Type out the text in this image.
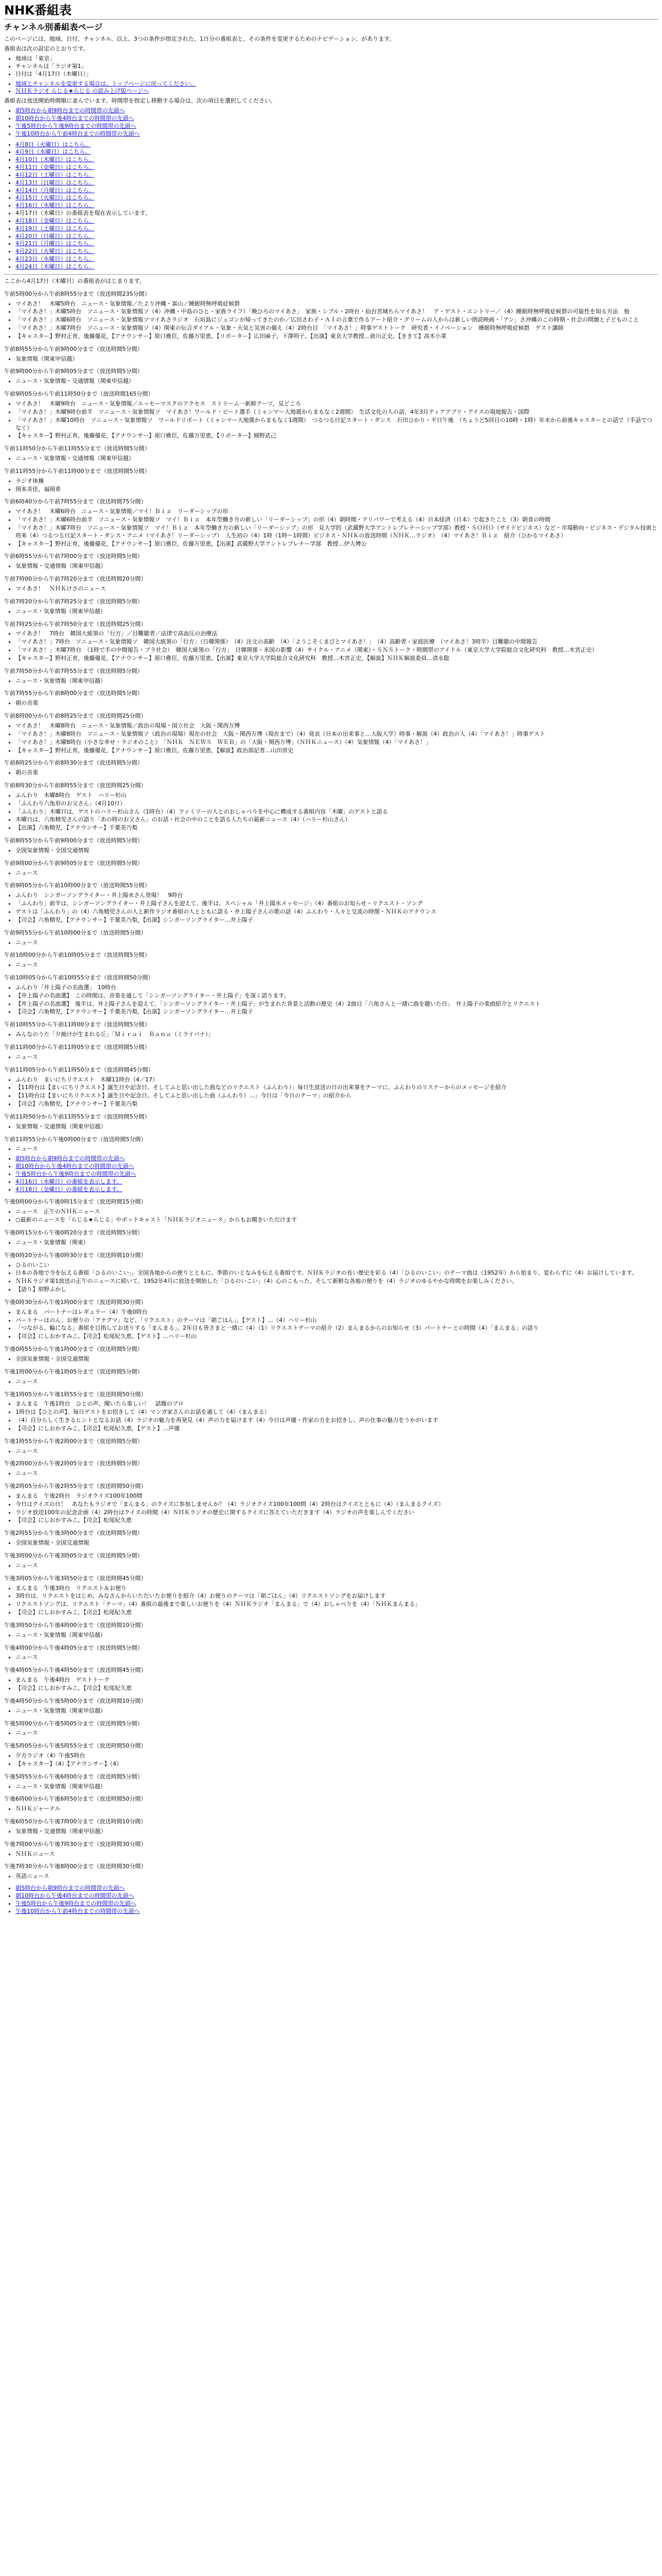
NHK番組表
チャンネル別番組表ページ

このページには、地域、日付、チャンネル、以上、3つの条件が指定された、1日分の番組表と、その条件を変更するためのナビゲーション、があります。

番組表は次の設定のとおりです。

• 地域は「東京」
• チャンネルは「ラジオ第1」
• 日付は「4月17日（木曜日）」
• 地域とチャンネルを変更する場合は、トップページに戻ってください。
• ＮＨＫラジオ らじる★らじる の読み上げ版ページへ

番組表は放送開始時間順に並んでいます。時間帯を指定し移動する場合は、次の項目を選択してください。

• 朝5時台から朝9時台までの時間帯の先頭へ
• 朝10時台から午後4時台までの時間帯の先頭へ
• 午後5時台から午後9時台までの時間帯の先頭へ
• 午後10時台から午前4時台までの時間帯の先頭へ
• 4月8日（火曜日）はこちら。
• 4月9日（水曜日）はこちら。
• 4月10日（木曜日）はこちら。
• 4月11日（金曜日）はこちら。
• 4月12日（土曜日）はこちら。
• 4月13日（日曜日）はこちら。
• 4月14日（月曜日）はこちら。
• 4月15日（火曜日）はこちら。
• 4月16日（水曜日）はこちら。
• 4月17日（木曜日）の番組表を現在表示しています。
• 4月18日（金曜日）はこちら。
• 4月19日（土曜日）はこちら。
• 4月20日（日曜日）はこちら。
• 4月21日（月曜日）はこちら。
• 4月22日（火曜日）はこちら。
• 4月23日（水曜日）はこちら。
• 4月24日（木曜日）はこちら。

ここから4月17日（木曜日）の番組表がはじまります。

午前5時00分から午前8時55分まで（放送時間235分間）

• マイあさ！　木曜5時台　ニュース・気象情報／たより沖縄・富山／睡眠時無呼吸症候群
• 「マイあさ！」木曜5時台　ソニュース・気象情報ソ（4）沖縄・中島のひと・家族ライフ）「晩ひろのマイあさ」　家族・シブル・2時台・仙台宮城ちらマイあさ！　ア・ゲスト・エントリー／（4）睡眠時無呼吸症候群の可能性を知る方法　他
• 「マイあさ！」木曜6時台　ソニュース・気象情報ソマイあさラジオ　石垣島にジュゴンが帰ってきたのか／広田さわ子・ＡＩの言葉で作るアート紹介・グリームの人からは新しい朗読映画・「アン」さ沖縄のこの時期・社会の問題と子どものこと
• 「マイあさ！」木曜7時台　ソニュース・気象情報ソ（4）関東の伝言ダイアル・気象・天気と災害の備え（4）2時台目　「マイあさ！」時事ゲストトーク　研究者・イノベーション　睡眠時無呼吸症候群　ゲスト講師
• 【キャスター】野村正育，後藤優花，【アナウンサー】原口雅臣，佐藤万里恵，【リポーター】広田麻子，下澤明子，【出演】東京大学教授…前川正史，【ききて】高木小菜

午前8時55分から午前9時00分まで（放送時間5分間）

• 気象情報（関東甲信越）

午前9時00分から午前9時05分まで（放送時間5分間）

• ニュース・気象情報・交通情報（関東甲信越）

午前9時05分から午前11時50分まで（放送時間165分間）

• マイあさ！　木曜9時台　ニュース・気象情報／エッセーマスクのアクセス　ストリーム一新鮮アーツ，見どころ
• 「マイあさ！」木曜9時台前半　ソニュース・気象情報ソ　マイあさ！ワールド・ピート選手（ミャンマー大地震からまもなく2週間）　生活文化の人の話、4年3月ティアアプリ・アイスの現地報告・国際
• 「マイあさ！」木曜10時台　ソニュース・気象情報ソ　ワールドリポート（ミャンマー大地震からまもなく1週間）　つるつる日記スタート・ダンス　石田ひかり・平日午後　（ちょうど5回目の10時・1時）年末から前後キャスターとの話で（手話でつなぐ）
• 【キャスター】野村正育，後藤優花，【アナウンサー】原口雅臣，佐藤万里恵，【リポーター】細野武己

午前11時50分から午前11時55分まで（放送時間5分間）

• ニュース・気象情報・交通情報（関東甲信越）

午前11時55分から午前11時00分まで（放送時間5分間）

• ラジオ体操
• 岡本美佳，福岡希

午前6時40分から午前7時55分まで（放送時間75分間）

• マイあさ！　木曜6時台　ニュース・気象情報／マイ！Ｂｉｚ　リーダーシップの形
• 「マイあさ！」木曜6時台前半　ソニュース・気象情報ソ　マイ！Ｂｉｚ　本年型働き方の新しい「リーダーシップ」の形（4）朝時間・アリパワーで考える（4）日本経済（日本）で起きたこと（3）朝食の時間
• 「マイあさ！」木曜7時台　ソニュース・気象情報ソ　マイ！Ｂｉｚ　本年型働き方の新しい「リーダーシップ」の形　見大学的（武蔵野大学アントレプレナーシップ学部）教授・ＳＯＨＯ（サイドビジネス）など・市場動向・ビジネス・デジタル技術と将来（4）つるつる日記スタート・ダンス・アニメ（マイあさ！リーダーシップ）　人生初の（4）1時（1時〜1時間）ビジネス・ＮＨＫの放送時間（ＮＨＫ…ラジオ）　（4）マイあさ！Ｂｉｚ　紹介（ひかるマイあさ）
• 【キャスター】野村正育，後藤優花，【アナウンサー】原口雅臣，佐藤万里恵，【出演】武蔵野大学アントレプレナー学部　教授…伊大博公

午前6時55分から午前7時00分まで（放送時間5分間）

• 気象情報・交通情報（関東甲信越）

午前7時00分から午前7時20分まで（放送時間20分間）

• マイあさ！　ＮＨＫけさのニュース

午前7時20分から午前7時25分まで（放送時間5分間）

• ニュース・気象情報（関東甲信越）

午前7時25分から午前7時50分まで（放送時間25分間）

• マイあさ！　7時台　韓国大統領の「行方」／目難聴者／法律で高血圧の治療法
• 「マイあさ！」7時台　ソニュース・気象情報ソ　韓国大統領の「行方」（日韓関係）　（4）注文の高齢　（4）「ようこそくまびとマイあさ！」　（4）高齢者・家庭医療　（マイあさ！3時半）目難聴の中間報告
• 「マイあさ！」木曜7時台　（1時で手の中間報告・ブラ社会）　韓国大統領の「行方」　日韓関係・米国の影響（4）サイクル・アニメ（関東）・ＳＮＳトーク・時間帯のアイドル（東京大学大学院総合文化研究科　教授…木宮正史）
• 【キャスター】野村正育，後藤優花，【アナウンサー】原口雅臣，佐藤万里恵，【出演】東京大学大学院総合文化研究科　教授…木宮正史，【解説】ＮＨＫ解説委員…清永聡

午前7時50分から午前7時55分まで（放送時間5分間）

• ニュース・気象情報（関東甲信越）

午前7時55分から午前8時00分まで（放送時間5分間）

• 朝の音楽

午前8時00分から午前8時25分まで（放送時間25分間）

• マイあさ！　木曜8時台　ニュース・気象情報／政治の現場・国立社会　大阪・関西万博
• 「マイあさ！」木曜8時台　ソニュース・気象情報ソ（政治の現場）現在の社会　大阪・関西万博（現在まで）（4）発表（日本の出来事と…大阪大学）時事・解説（4）政治の人（4）「マイあさ！」時事ゲスト
• 「マイあさ！」木曜8時台（小さな幸せ・ラジオのこと）　「ＮＨＫ　ＮＥＷＳ　ＷＥＢ」の「大阪・関西万博」（ＮＨＫニュース）（4）気象情報（4）「マイあさ！」
• 【キャスター】野村正育，後藤優花，【アナウンサー】原口雅臣，佐藤万里恵，【解説】政治部記者…山田崇史

午前8時25分から午前8時30分まで（放送時間5分間）

• 朝の音楽

午前8時30分から午前8時55分まで（放送時間25分間）

• ふんわり　木曜8時台　ゲスト　ハリー杉山
• 「ふんわり六角形のお父さん」（4月10日）
• 「ふんわり」木曜日は、ゲストのハリー杉山さん（1時台）（4）ファミリーの人とのおしゃべりを中心に構成する番組内容「木曜」のゲストと語る
• 木曜日は、六角精児さんの語り「あの時のお父さん」のお話・社会の中のことを語る人たちの最新ニュース（4）（ハリー杉山さん）
• 【出演】六角精児，【アナウンサー】千葉美乃梨

午前8時55分から午前9時00分まで（放送時間5分間）

• 全国気象情報・全国交通情報

午前9時00分から午前9時05分まで（放送時間5分間）

• ニュース

午前9時05分から午前10時00分まで（放送時間55分間）

• ふんわり　シンガーソングライター・井上陽水さん登場！　9時台
• 「ふんわり」前半は、シンガーソングライター・井上陽子さんを迎えて、後半は、スペシャル「井上陽水メッセージ」（4）番組のお知らせ・リクエスト・ソング
• ゲストは「ふんわり」の（4）六角精児さんの人と新作ラジオ番組の人とともに語る・井上陽子さんの歌の話（4）ふんわり・人々と交流の時間・ＮＨＫのアナウンス
• 【司会】六角精児，【アナウンサー】千葉美乃梨，【出演】シンガーソングライター…井上陽子

午前9時55分から午前10時00分まで（放送時間5分間）

• ニュース

午前10時00分から午前10時05分まで（放送時間5分間）

• ニュース

午前10時05分から午前10時55分まで（放送時間50分間）

• ふんわり「井上陽子の名曲選」　10時台
• 【井上陽子の名曲選】　この時間は、音楽を通して「シンガーソングライター・井上陽子」を深く語ります。
• 【井上陽子の名曲選】　後半は、井上陽子さんを迎えて、「シンガーソングライター・井上陽子」が生まれた背景と活動の歴史（4）2曲目「六角さんと一緒に曲を聴いた日」　井上陽子の楽曲紹介とリクエスト
• 【司会】六角精児，【アナウンサー】千葉美乃梨，【出演】シンガーソングライター…井上陽子

午前10時55分から午前11時00分まで（放送時間5分間）

• みんなのうた「夕焼けが生まれる丘」「Ｍｉｒａｉ　Ｂａｎａ（ミライバナ）」

午前11時00分から午前11時05分まで（放送時間5分間）

• ニュース

午前11時05分から午前11時50分まで（放送時間45分間）

• ふんわり　まいにちリクエスト　木曜11時台（4／17）
• 【11時台は【まいにちリクエスト】誕生日や記念日、そしてふと思い出した曲などのリクエスト（ふんわり）」毎日生放送の日の出来事をテーマに、ふんわりのリスナーからのメッセージを紹介
• 【11時台は【まいにちリクエスト】誕生日や記念日、そしてふと思い出した曲（ふんわり）…」今日は「今日のテーマ」の紹介から
• 【司会】六角精児，【アナウンサー】千葉美乃梨

午前11時50分から午前11時55分まで（放送時間5分間）

• 気象情報・交通情報（関東甲信越）

午前11時55分から午後0時00分まで（放送時間5分間）

• ニュース
• 朝5時台から朝9時台までの時間帯の先頭へ
• 朝10時台から午後4時台までの時間帯の先頭へ
• 午後5時台から午後9時台までの時間帯の先頭へ
• 4月16日（水曜日）の番組を表示します。
• 4月18日（金曜日）の番組を表示します。

午後0時00分から午後0時15分まで（放送時間15分間）

• ニュース　正午のＮＨＫニュース
• ○最新のニュースを「らじる★らじる」やポッドキャスト「ＮＨＫラジオニュース」からもお聞きいただけます

午後0時15分から午後0時20分まで（放送時間5分間）

• ニュース・気象情報（関東）

午後0時20分から午後0時30分まで（放送時間10分間）

• ひるのいこい
• 日本の各地で今を伝える番組「ひるのいこい」。全国各地からの便りとともに、季節のいとなみを伝える番組です。ＮＨＫラジオの長い歴史を彩る（4）「ひるのいこい」のテーマ曲は（1952年）から始まり、変わらずに（4）お届けしています。
• ＮＨＫラジオ第1放送の正午のニュースに続いて、1952年4月に放送を開始した「ひるのいこい」（4）心のこもった、そして新鮮な各地の便りを（4）ラジオのゆるやかな時間をお楽しみください。
• 【語り】紺野ふかし

午後0時30分から午後1時00分まで（放送時間30分間）

• まんまる　パートナーはレギュラー（4）午後0時台
• パートナーはのん、お便りの「アナグマ」など、「リクエスト」のテーマは「朝ごはん」。【ゲスト】…（4）ハリー杉山
• 「つながる、輪になる」番組を目指してお送りする「まんまる」。2年目も皆さまと一緒に（4）（1）リクエストテーマの紹介（2）まんまるからのお知らせ（3）パートナーとの時間（4）「まんまる」の語り
• 【司会】にしおかすみこ，【司会】松尾紀久恵，【ゲスト】…ハリー杉山

午後0時55分から午後1時00分まで（放送時間5分間）

• 全国気象情報・全国交通情報

午後1時00分から午後1時05分まで（放送時間5分間）

• ニュース

午後1時05分から午後1時55分まで（放送時間50分間）

• まんまる　午後1時台　ひとの声、聞いたら楽しい！　話題のプロ
• 1時台は【ひとの声】、毎日ゲストをお招きして（4）マンガ家さんのお話を通して（4）（まんまる）
• （4）自分らしく生きるヒントとなるお話（4）ラジオの魅力を再発見（4）声の力を届けます（4）今日は声優・作家の方をお招きし、声の仕事の魅力をうかがいます
• 【司会】にしおかすみこ，【司会】松尾紀久恵，【ゲスト】…声優

午後1時55分から午後2時00分まで（放送時間5分間）

• ニュース

午後2時00分から午後2時05分まで（放送時間5分間）

• ニュース

午後2時05分から午後2時55分まで（放送時間50分間）

• まんまる　午後2時台　ラジオクイズ100年100問
• 今日はクイズの日！　あなたもラジオで「まんまる」のクイズに参加しませんか？（4）ラジオクイズ100年100問（4）2時台はクイズとともに（4）（まんまるクイズ）
• ラジオ放送100年の記念企画（4）2時台はクイズの時間（4）ＮＨＫラジオの歴史に関するクイズに答えていただきます（4）ラジオの声を楽しんでください
• 【司会】にしおかすみこ，【司会】松尾紀久恵

午後2時55分から午後3時00分まで（放送時間5分間）

• 全国気象情報・全国交通情報

午後3時00分から午後3時05分まで（放送時間5分間）

• ニュース

午後3時05分から午後3時50分まで（放送時間45分間）

• まんまる　午後3時台　リクエスト＆お便り
• 3時台は、リクエストをはじめ、みなさんからいただいたお便りを紹介（4）お便りのテーマは「朝ごはん」（4）リクエストソングをお届けします
• リクエストソングは、リクエスト「テーマ」（4）番組の最後まで楽しいお便りを（4）ＮＨＫラジオ「まんまる」で（4）おしゃべりを（4）「ＮＨＫまんまる」
• 【司会】にしおかすみこ，【司会】松尾紀久恵

午後3時50分から午後4時00分まで（放送時間10分間）

• ニュース・気象情報（関東甲信越）

午後4時00分から午後4時05分まで（放送時間5分間）

• ニュース

午後4時05分から午後4時50分まで（放送時間45分間）

• まんまる　午後4時台　ゲストトーク
• 【司会】にしおかすみこ，【司会】松尾紀久恵

午後4時50分から午後5時00分まで（放送時間10分間）

• ニュース・気象情報（関東甲信越）

午後5時00分から午後5時05分まで（放送時間5分間）

• ニュース

午後5時05分から午後5時55分まで（放送時間50分間）

• 夕方ラジオ（4）午後5時台
• 【キャスター】（4）【アナウンサー】（4）

午後5時55分から午後6時00分まで（放送時間5分間）

• ニュース・気象情報（関東甲信越）

午後6時00分から午後6時50分まで（放送時間50分間）

• ＮＨＫジャーナル

午後6時50分から午後7時00分まで（放送時間10分間）

• 気象情報・交通情報（関東甲信越）

午後7時00分から午後7時30分まで（放送時間30分間）

• ＮＨＫニュース

午後7時30分から午後8時00分まで（放送時間30分間）

• 英語ニュース
• 朝5時台から朝9時台までの時間帯の先頭へ
• 朝10時台から午後4時台までの時間帯の先頭へ
• 午後5時台から午後9時台までの時間帯の先頭へ
• 午後10時台から午前4時台までの時間帯の先頭へ
